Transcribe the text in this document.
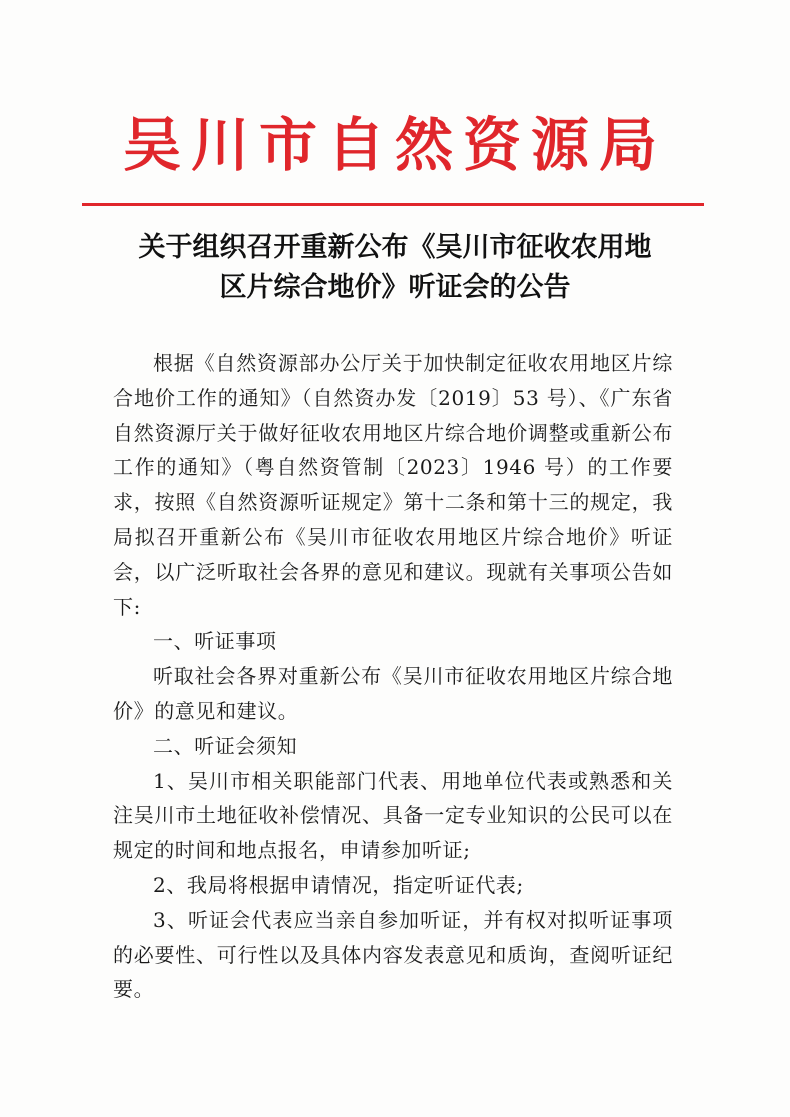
吴川市自然资源局
关于组织召开重新公布《吴川市征收农用地
区片综合地价》听证会的公告

根据《自然资源部办公厅关于加快制定征收农用地区片综合地价工作的通知》（自然资办发〔2019〕53 号）、《广东省自然资源厅关于做好征收农用地区片综合地价调整或重新公布工作的通知》（粤自然资管制〔2023〕1946 号）的工作要求，按照《自然资源听证规定》第十二条和第十三的规定，我局拟召开重新公布《吴川市征收农用地区片综合地价》听证会，以广泛听取社会各界的意见和建议。现就有关事项公告如下:

一、听证事项

听取社会各界对重新公布《吴川市征收农用地区片综合地价》的意见和建议。

二、听证会须知

1、吴川市相关职能部门代表、用地单位代表或熟悉和关注吴川市土地征收补偿情况、具备一定专业知识的公民可以在规定的时间和地点报名，申请参加听证;

2、我局将根据申请情况，指定听证代表;

3、听证会代表应当亲自参加听证，并有权对拟听证事项的必要性、可行性以及具体内容发表意见和质询，查阅听证纪要。
